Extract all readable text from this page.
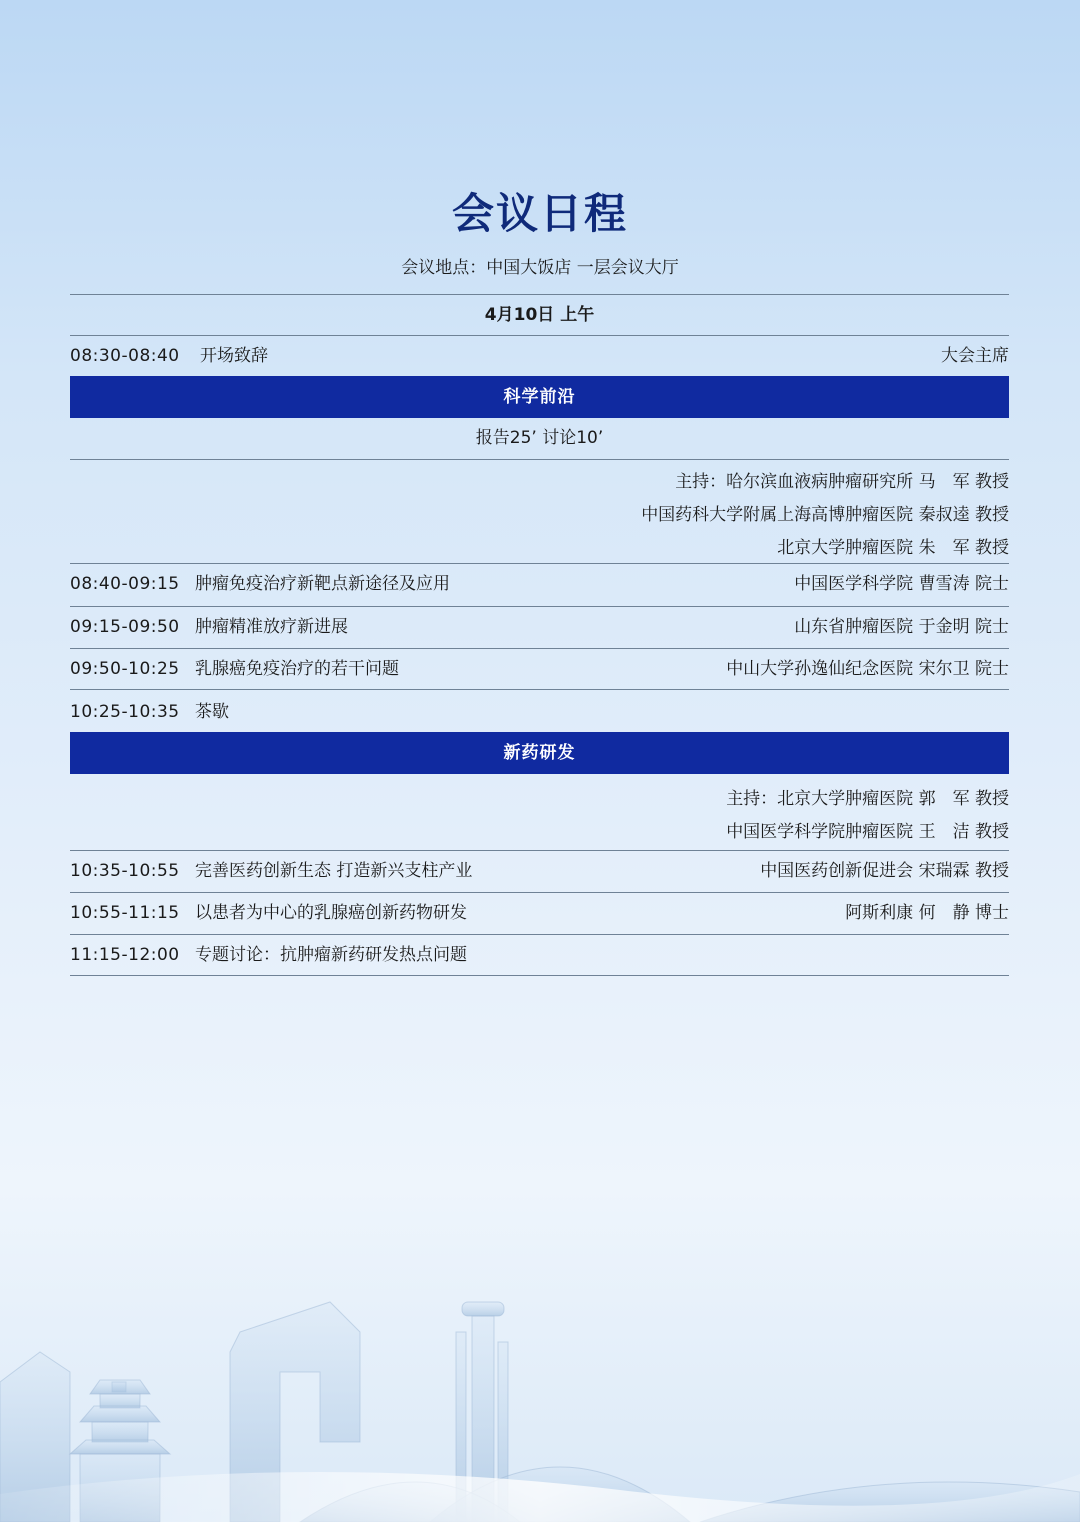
会议日程
会议地点：中国大饭店 一层会议大厅
4月10日 上午
08:30-08:40 开场致辞	大会主席
科学前沿
报告25’ 讨论10’
主持：哈尔滨血液病肿瘤研究所 马　军 教授
中国药科大学附属上海高博肿瘤医院 秦叔逵 教授
北京大学肿瘤医院 朱　军 教授
08:40-09:15 肿瘤免疫治疗新靶点新途径及应用	中国医学科学院 曹雪涛 院士
09:15-09:50 肿瘤精准放疗新进展	山东省肿瘤医院 于金明 院士
09:50-10:25 乳腺癌免疫治疗的若干问题	中山大学孙逸仙纪念医院 宋尔卫 院士
10:25-10:35 茶歇
新药研发
主持：北京大学肿瘤医院 郭　军 教授
中国医学科学院肿瘤医院 王　洁 教授
10:35-10:55 完善医药创新生态 打造新兴支柱产业	中国医药创新促进会 宋瑞霖 教授
10:55-11:15 以患者为中心的乳腺癌创新药物研发	阿斯利康 何　静 博士
11:15-12:00 专题讨论：抗肿瘤新药研发热点问题
